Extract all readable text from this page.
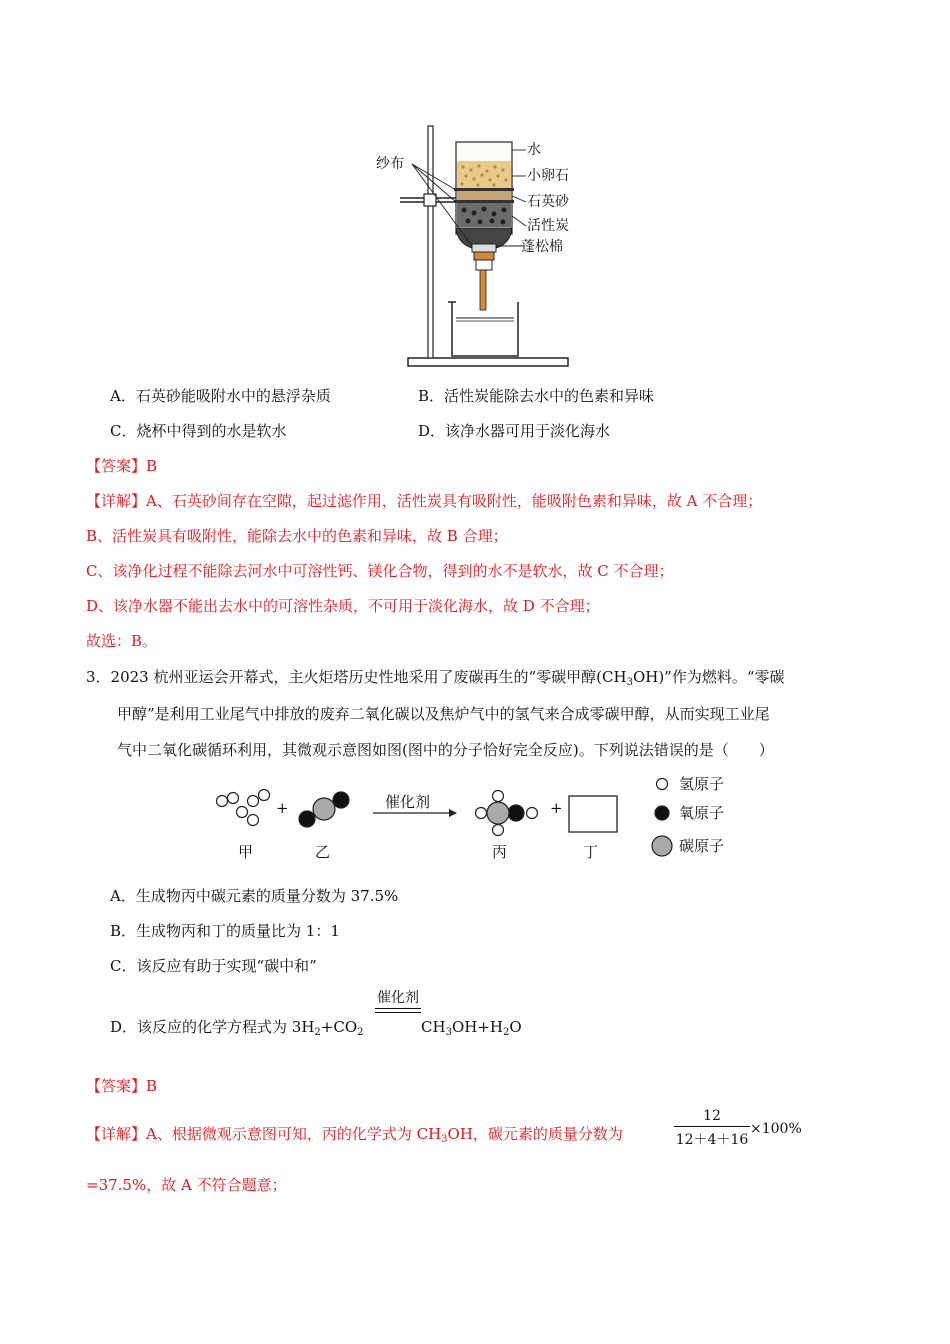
纱布
水
小卵石
石英砂
活性炭
蓬松棉
A．石英砂能吸附水中的悬浮杂质	B．活性炭能除去水中的色素和异味
C．烧杯中得到的水是软水	D．该净水器可用于淡化海水
【答案】B
【详解】A、石英砂间存在空隙，起过滤作用，活性炭具有吸附性，能吸附色素和异味，故 A 不合理；
B、活性炭具有吸附性，能除去水中的色素和异味，故 B 合理；
C、该净化过程不能除去河水中可溶性钙、镁化合物，得到的水不是软水，故 C 不合理；
D、该净水器不能出去水中的可溶性杂质，不可用于淡化海水，故 D 不合理；
故选：B。
3．2023 杭州亚运会开幕式，主火炬塔历史性地采用了废碳再生的“零碳甲醇$(CH_3OH)$”作为燃料。“零碳
甲醇”是利用工业尾气中排放的废弃二氧化碳以及焦炉气中的氢气来合成零碳甲醇，从而实现工业尾
气中二氧化碳循环利用，其微观示意图如图(图中的分子恰好完全反应)。下列说法错误的是（　　）
+	+
催化剂
甲	乙	丙	丁
氢原子
氧原子
碳原子
A．生成物丙中碳元素的质量分数为 37.5%
B．生成物丙和丁的质量比为 1：1
C．该反应有助于实现“碳中和”
D．该反应的化学方程式为 $3H_2+CO_2$
催化剂
$CH_3OH+H_2O$
【答案】B
【详解】A、根据微观示意图可知，丙的化学式为 $CH_3OH$，碳元素的质量分数为
12
12＋4＋16
×100%
=37.5%，故 A 不符合题意；
